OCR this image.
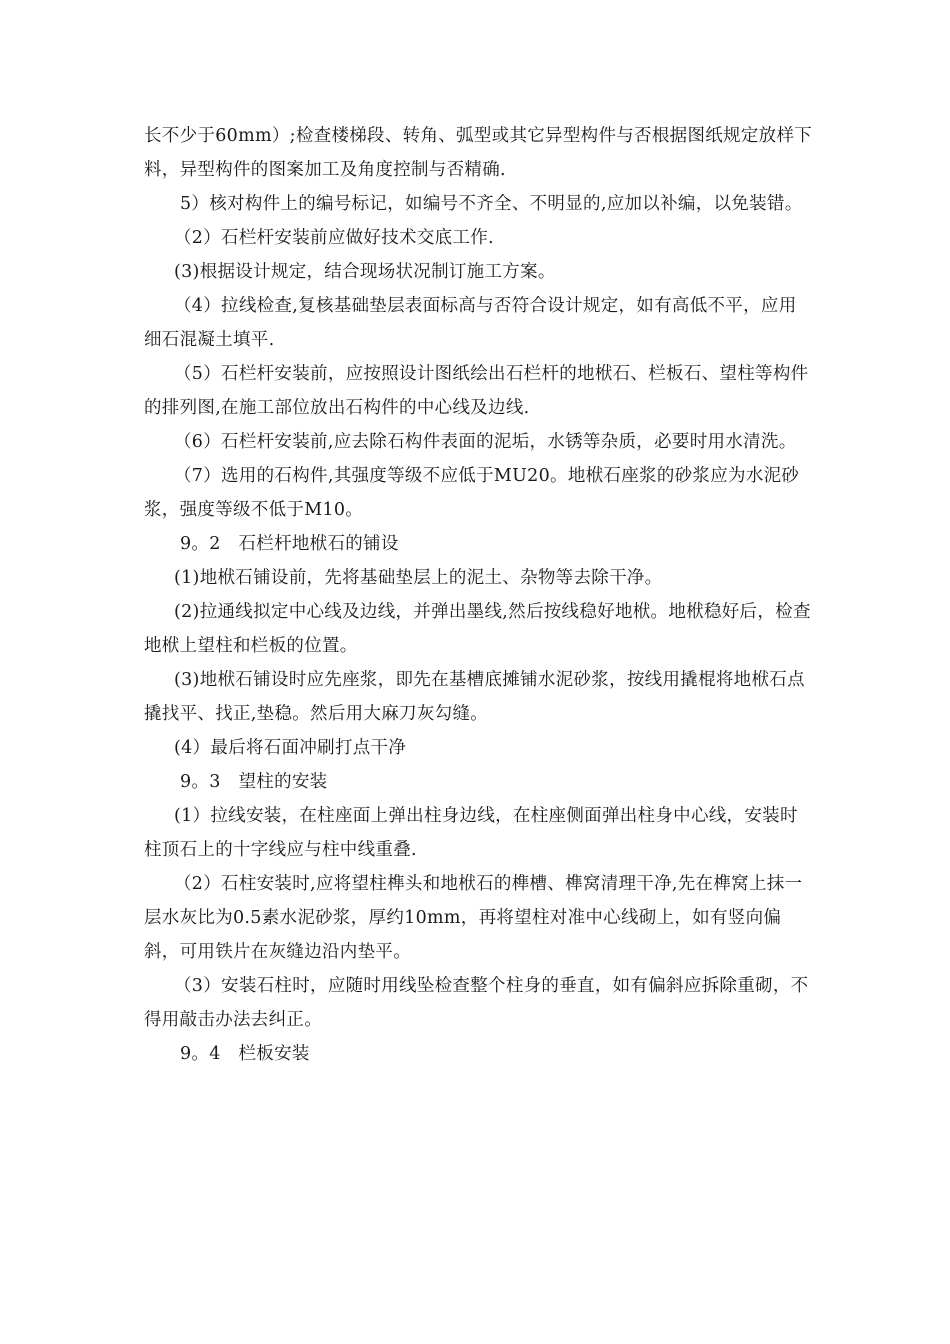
长不少于60mm）;检查楼梯段、转角、弧型或其它异型构件与否根据图纸规定放样下料，异型构件的图案加工及角度控制与否精确.

5）核对构件上的编号标记，如编号不齐全、不明显的,应加以补编，以免装错。

（2）石栏杆安装前应做好技术交底工作.

(3)根据设计规定，结合现场状况制订施工方案。

（4）拉线检查,复核基础垫层表面标高与否符合设计规定，如有高低不平，应用细石混凝土填平.

（5）石栏杆安装前，应按照设计图纸绘出石栏杆的地栿石、栏板石、望柱等构件的排列图,在施工部位放出石构件的中心线及边线.

（6）石栏杆安装前,应去除石构件表面的泥垢，水锈等杂质，必要时用水清洗。

（7）选用的石构件,其强度等级不应低于MU20。地栿石座浆的砂浆应为水泥砂浆，强度等级不低于M10。

9。2　石栏杆地栿石的铺设

(1)地栿石铺设前，先将基础垫层上的泥土、杂物等去除干净。

(2)拉通线拟定中心线及边线，并弹出墨线,然后按线稳好地栿。地栿稳好后，检查地栿上望柱和栏板的位置。

(3)地栿石铺设时应先座浆，即先在基槽底摊铺水泥砂浆，按线用撬棍将地栿石点撬找平、找正,垫稳。然后用大麻刀灰勾缝。

(4）最后将石面冲刷打点干净

9。3　望柱的安装

(1）拉线安装，在柱座面上弹出柱身边线，在柱座侧面弹出柱身中心线，安装时柱顶石上的十字线应与柱中线重叠.

（2）石柱安装时,应将望柱榫头和地栿石的榫槽、榫窝清理干净,先在榫窝上抹一层水灰比为0.5素水泥砂浆，厚约10mm，再将望柱对准中心线砌上，如有竖向偏斜，可用铁片在灰缝边沿内垫平。

（3）安装石柱时，应随时用线坠检查整个柱身的垂直，如有偏斜应拆除重砌，不得用敲击办法去纠正。

9。4　栏板安装
